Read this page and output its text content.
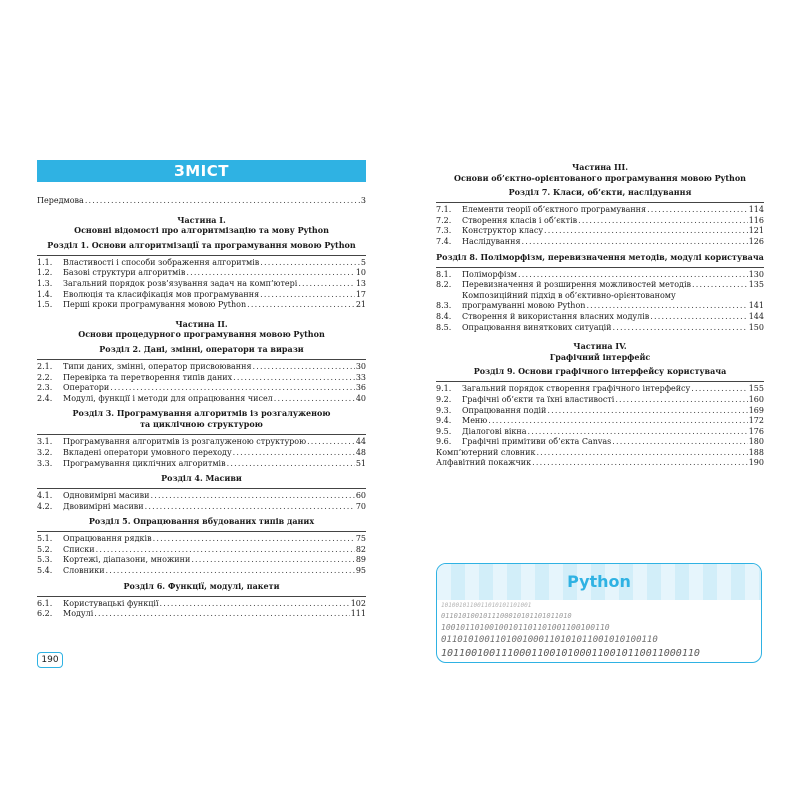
ЗМІСТ
Передмова .....	3
Частина І.
Основні відомості про алгоритмізацію та мову Python
Розділ 1. Основи алгоритмізації та програмування мовою Python
1.1.	Властивості і способи зображення алгоритмів .....	5
1.2.	Базові структури алгоритмів .....	10
1.3.	Загальний порядок розв’язування задач на комп’ютері .....	13
1.4.	Еволюція та класифікація мов програмування .....	17
1.5.	Перші кроки програмування мовою Python .....	21
Частина ІІ.
Основи процедурного програмування мовою Python
Розділ 2. Дані, змінні, оператори та вирази
2.1.	Типи даних, змінні, оператор присвоювання .....	30
2.2.	Перевірка та перетворення типів даних .....	33
2.3.	Оператори .....	36
2.4.	Модулі, функції і методи для опрацювання чисел .....	40
Розділ 3. Програмування алгоритмів із розгалуженою
та циклічною структурою
3.1.	Програмування алгоритмів із розгалуженою структурою .....	44
3.2.	Вкладені оператори умовного переходу .....	48
3.3.	Програмування циклічних алгоритмів .....	51
Розділ 4. Масиви
4.1.	Одновимірні масиви .....	60
4.2.	Двовимірні масиви .....	70
Розділ 5. Опрацювання вбудованих типів даних
5.1.	Опрацювання рядків .....	75
5.2.	Списки .....	82
5.3.	Кортежі, діапазони, множини .....	89
5.4.	Словники .....	95
Розділ 6. Функції, модулі, пакети
6.1.	Користувацькі функції .....	102
6.2.	Модулі .....	111
190
Частина ІІІ.
Основи об’єктно-орієнтованого програмування мовою Python
Розділ 7. Класи, об’єкти, наслідування
7.1.	Елементи теорії об’єктного програмування .....	114
7.2.	Створення класів і об’єктів .....	116
7.3.	Конструктор класу .....	121
7.4.	Наслідування .....	126
Розділ 8. Поліморфізм, перевизначення методів, модулі користувача
8.1.	Поліморфізм .....	130
8.2.	Перевизначення й розширення можливостей методів .....	135
Композиційний підхід в об’єктивно-орієнтованому
8.3.	програмуванні мовою Python .....	141
8.4.	Створення й використання власних модулів .....	144
8.5.	Опрацювання виняткових ситуацій .....	150
Частина IV.
Графічний інтерфейс
Розділ 9. Основи графічного інтерфейсу користувача
9.1.	Загальний порядок створення графічного інтерфейсу .....	155
9.2.	Графічні об’єкти та їхні властивості .....	160
9.3.	Опрацювання подій .....	169
9.4.	Меню .....	172
9.5.	Діалогові вікна .....	176
9.6.	Графічні примітиви об’єкта Canvas .....	180
Комп’ютерний словник .....	188
Алфавітний покажчик .....	190
Python
1010010110011010101101001
0110101001011100010101101011010
10010110100100101101101001100100110
0110101001101001000110101011001010100110
1011001001110001100101000110010110011000110
